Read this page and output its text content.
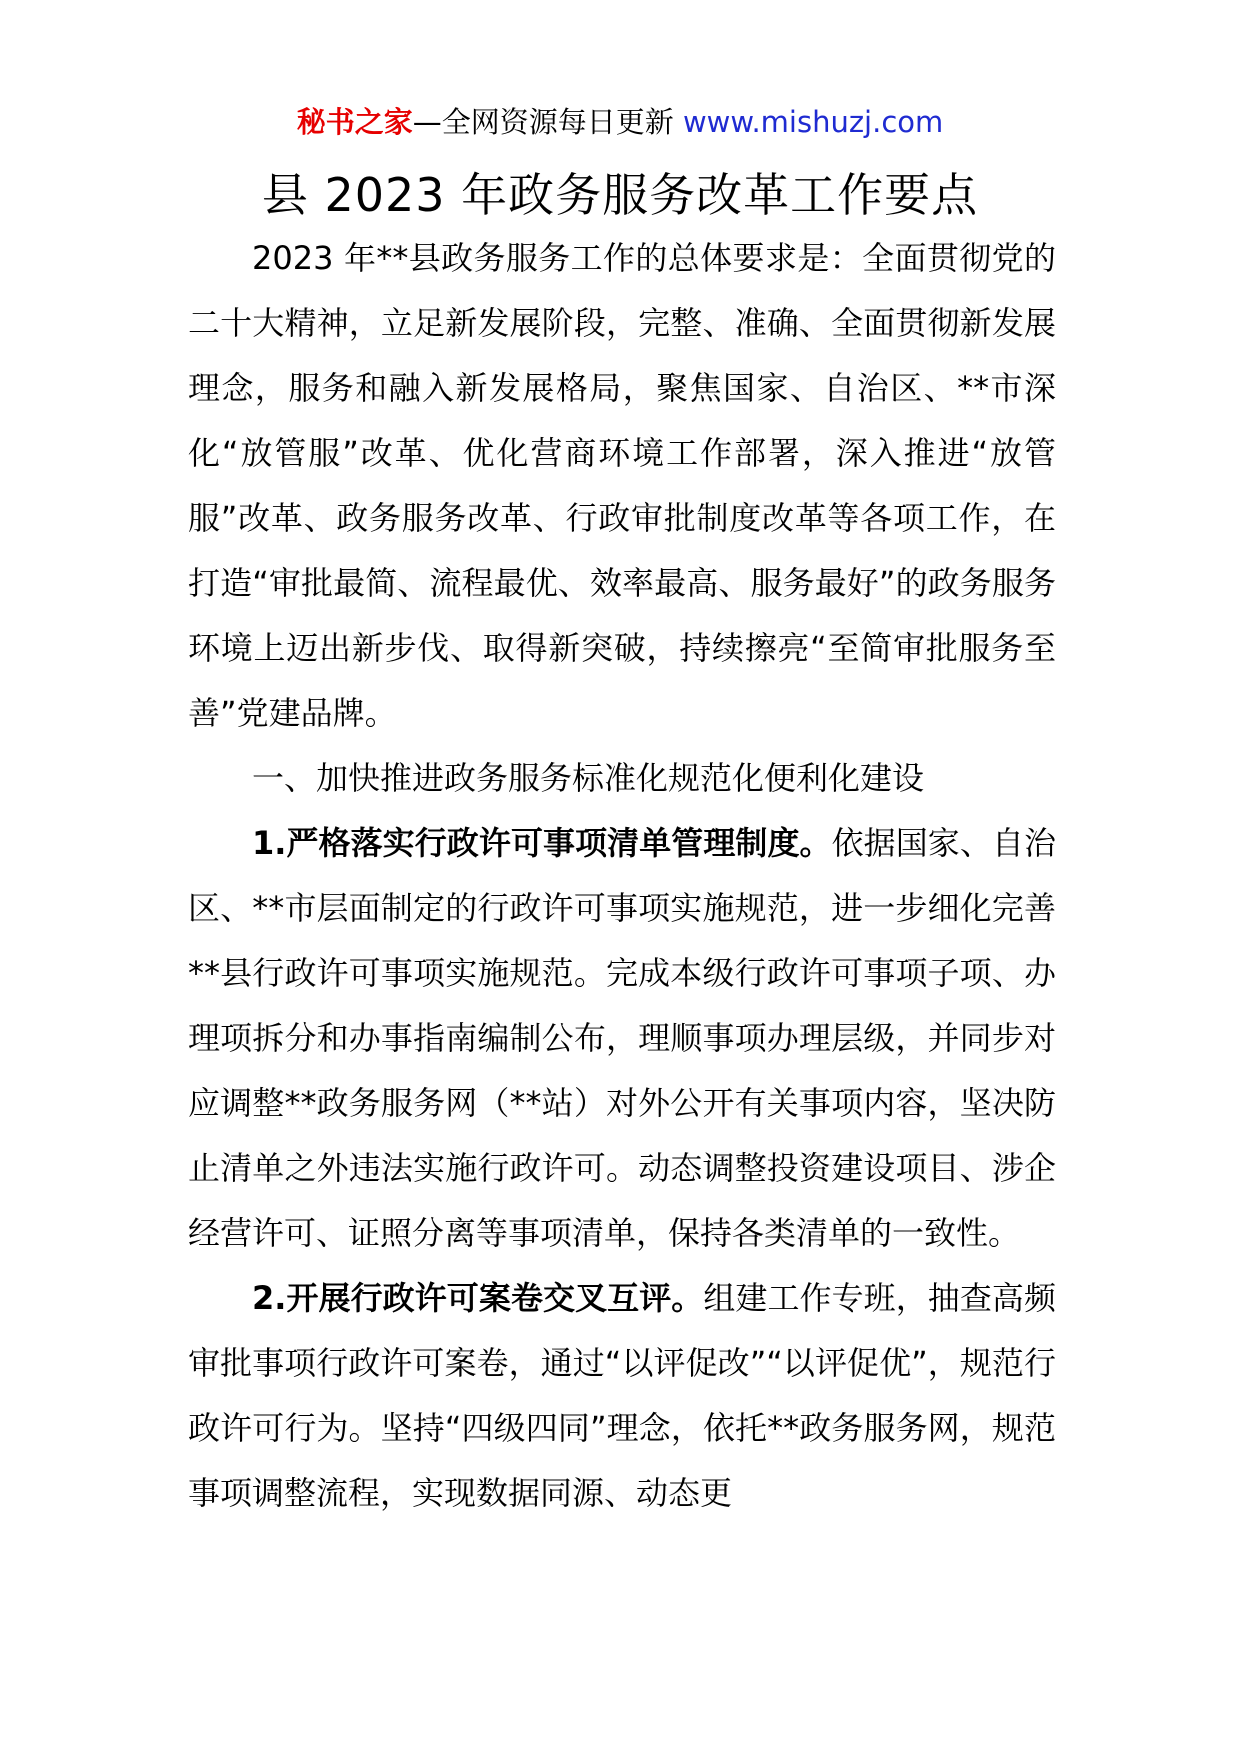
秘书之家—全网资源每日更新 www.mishuzj.com
县 2023 年政务服务改革工作要点

2023 年**县政务服务工作的总体要求是：全面贯彻党的二十大精神，立足新发展阶段，完整、准确、全面贯彻新发展理念，服务和融入新发展格局，聚焦国家、自治区、**市深化“放管服”改革、优化营商环境工作部署，深入推进“放管服”改革、政务服务改革、行政审批制度改革等各项工作，在打造“审批最简、流程最优、效率最高、服务最好”的政务服务环境上迈出新步伐、取得新突破，持续擦亮“至简审批服务至善”党建品牌。

一、加快推进政务服务标准化规范化便利化建设

1.严格落实行政许可事项清单管理制度。依据国家、自治区、**市层面制定的行政许可事项实施规范，进一步细化完善**县行政许可事项实施规范。完成本级行政许可事项子项、办理项拆分和办事指南编制公布，理顺事项办理层级，并同步对应调整**政务服务网（**站）对外公开有关事项内容，坚决防止清单之外违法实施行政许可。动态调整投资建设项目、涉企经营许可、证照分离等事项清单，保持各类清单的一致性。

2.开展行政许可案卷交叉互评。组建工作专班，抽查高频审批事项行政许可案卷，通过“以评促改”“以评促优”，规范行政许可行为。坚持“四级四同”理念，依托**政务服务网，规范事项调整流程，实现数据同源、动态更
